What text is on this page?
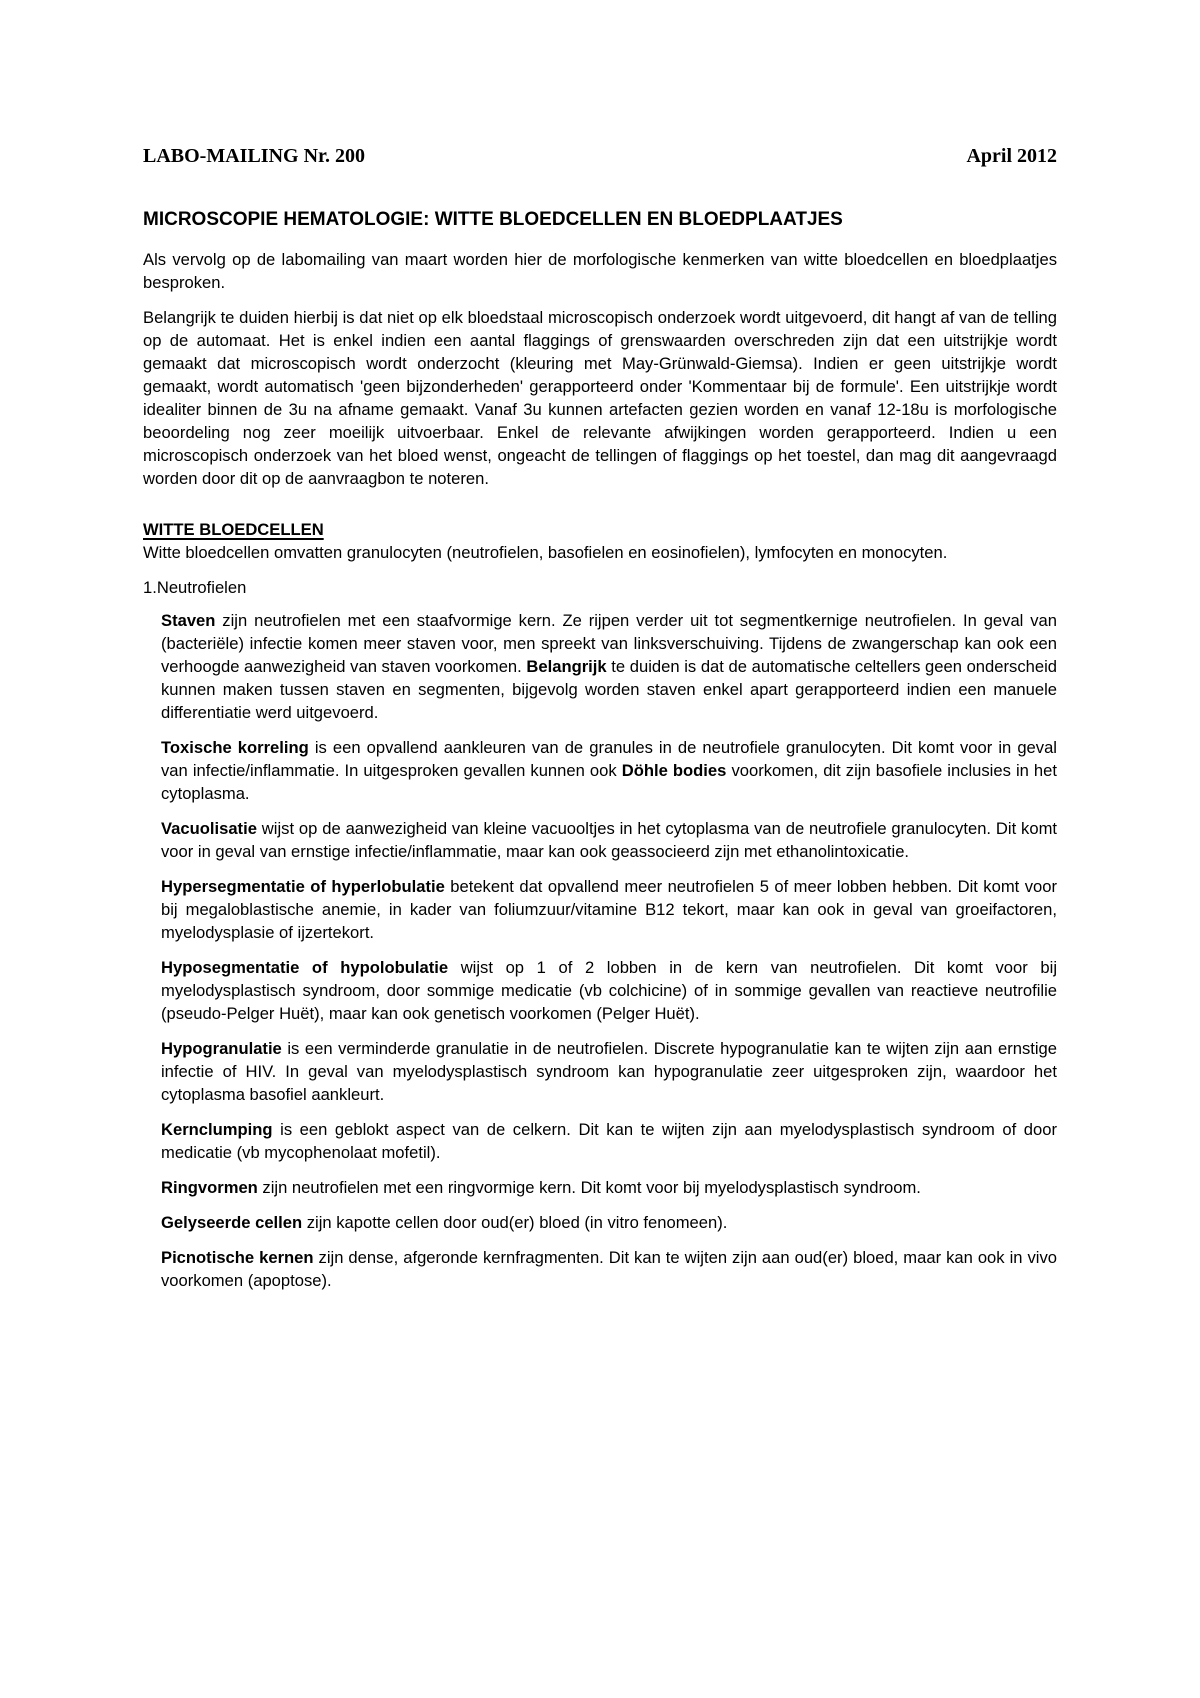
LABO-MAILING Nr. 200	April 2012
MICROSCOPIE HEMATOLOGIE: WITTE BLOEDCELLEN EN BLOEDPLAATJES

Als vervolg op de labomailing van maart worden hier de morfologische kenmerken van witte bloedcellen en bloedplaatjes besproken.

Belangrijk te duiden hierbij is dat niet op elk bloedstaal microscopisch onderzoek wordt uitgevoerd, dit hangt af van de telling op de automaat. Het is enkel indien een aantal flaggings of grenswaarden overschreden zijn dat een uitstrijkje wordt gemaakt dat microscopisch wordt onderzocht (kleuring met May-Grünwald-Giemsa). Indien er geen uitstrijkje wordt gemaakt, wordt automatisch 'geen bijzonderheden' gerapporteerd onder 'Kommentaar bij de formule'. Een uitstrijkje wordt idealiter binnen de 3u na afname gemaakt. Vanaf 3u kunnen artefacten gezien worden en vanaf 12-18u is morfologische beoordeling nog zeer moeilijk uitvoerbaar. Enkel de relevante afwijkingen worden gerapporteerd. Indien u een microscopisch onderzoek van het bloed wenst, ongeacht de tellingen of flaggings op het toestel, dan mag dit aangevraagd worden door dit op de aanvraagbon te noteren.

WITTE BLOEDCELLEN

Witte bloedcellen omvatten granulocyten (neutrofielen, basofielen en eosinofielen), lymfocyten en monocyten.

1.Neutrofielen

Staven zijn neutrofielen met een staafvormige kern. Ze rijpen verder uit tot segmentkernige neutrofielen. In geval van (bacteriële) infectie komen meer staven voor, men spreekt van linksverschuiving. Tijdens de zwangerschap kan ook een verhoogde aanwezigheid van staven voorkomen. Belangrijk te duiden is dat de automatische celtellers geen onderscheid kunnen maken tussen staven en segmenten, bijgevolg worden staven enkel apart gerapporteerd indien een manuele differentiatie werd uitgevoerd.

Toxische korreling is een opvallend aankleuren van de granules in de neutrofiele granulocyten. Dit komt voor in geval van infectie/inflammatie. In uitgesproken gevallen kunnen ook Döhle bodies voorkomen, dit zijn basofiele inclusies in het cytoplasma.

Vacuolisatie wijst op de aanwezigheid van kleine vacuooltjes in het cytoplasma van de neutrofiele granulocyten. Dit komt voor in geval van ernstige infectie/inflammatie, maar kan ook geassocieerd zijn met ethanolintoxicatie.

Hypersegmentatie of hyperlobulatie betekent dat opvallend meer neutrofielen 5 of meer lobben hebben. Dit komt voor bij megaloblastische anemie, in kader van foliumzuur/vitamine B12 tekort, maar kan ook in geval van groeifactoren, myelodysplasie of ijzertekort.

Hyposegmentatie of hypolobulatie wijst op 1 of 2 lobben in de kern van neutrofielen. Dit komt voor bij myelodysplastisch syndroom, door sommige medicatie (vb colchicine) of in sommige gevallen van reactieve neutrofilie (pseudo-Pelger Huët), maar kan ook genetisch voorkomen (Pelger Huët).

Hypogranulatie is een verminderde granulatie in de neutrofielen. Discrete hypogranulatie kan te wijten zijn aan ernstige infectie of HIV. In geval van myelodysplastisch syndroom kan hypogranulatie zeer uitgesproken zijn, waardoor het cytoplasma basofiel aankleurt.

Kernclumping is een geblokt aspect van de celkern. Dit kan te wijten zijn aan myelodysplastisch syndroom of door medicatie (vb mycophenolaat mofetil).

Ringvormen zijn neutrofielen met een ringvormige kern. Dit komt voor bij myelodysplastisch syndroom.

Gelyseerde cellen zijn kapotte cellen door oud(er) bloed (in vitro fenomeen).

Picnotische kernen zijn dense, afgeronde kernfragmenten. Dit kan te wijten zijn aan oud(er) bloed, maar kan ook in vivo voorkomen (apoptose).
